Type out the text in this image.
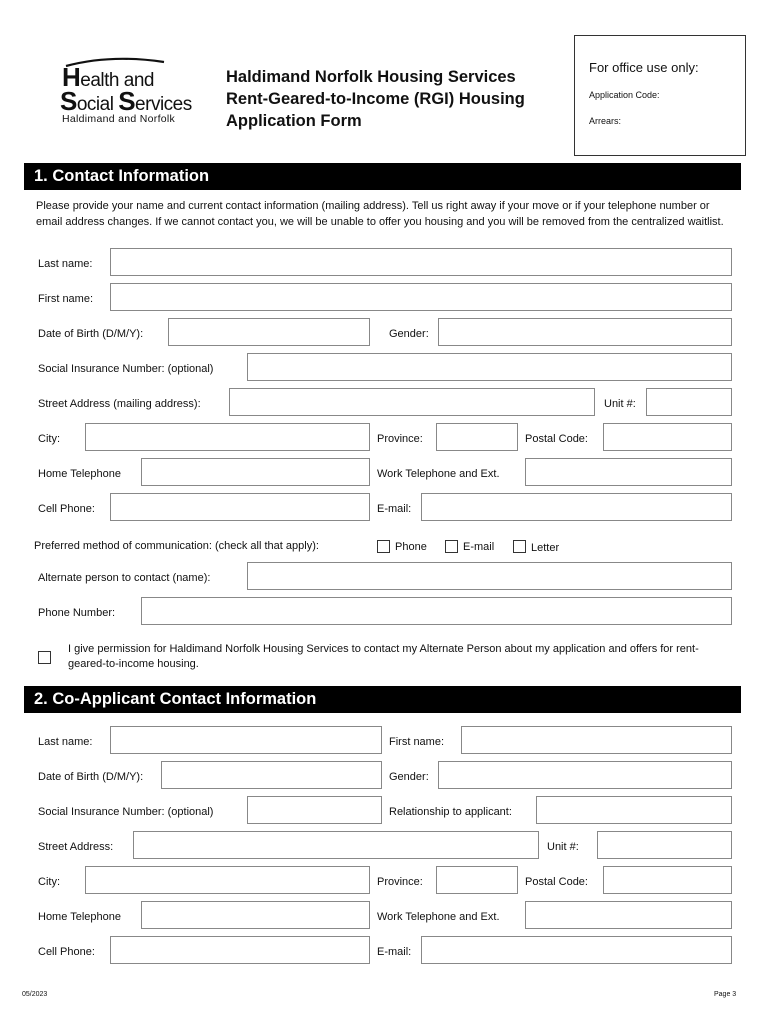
Health and
Social Services
Haldimand and Norfolk
Haldimand Norfolk Housing Services
Rent-Geared-to-Income (RGI) Housing
Application Form
For office use only:
Application Code:
Arrears:
1. Contact Information
Please provide your name and current contact information (mailing address). Tell us right away if your move or if your telephone number or email address changes. If we cannot contact you, we will be unable to offer you housing and you will be removed from the centralized waitlist.
Last name:
First name:
Date of Birth (D/M/Y):	Gender:
Social Insurance Number: (optional)
Street Address (mailing address):	Unit #:
City:	Province:	Postal Code:
Home Telephone	Work Telephone and Ext.
Cell Phone:	E-mail:
Preferred method of communication: (check all that apply):	Phone	E-mail	Letter
Alternate person to contact (name):
Phone Number:
I give permission for Haldimand Norfolk Housing Services to contact my Alternate Person about my application and offers for rent-geared-to-income housing.
2. Co-Applicant Contact Information
Last name:	First name:
Date of Birth (D/M/Y):	Gender:
Social Insurance Number: (optional)	Relationship to applicant:
Street Address:	Unit #:
City:	Province:	Postal Code:
Home Telephone	Work Telephone and Ext.
Cell Phone:	E-mail:
05/2023	Page 3
